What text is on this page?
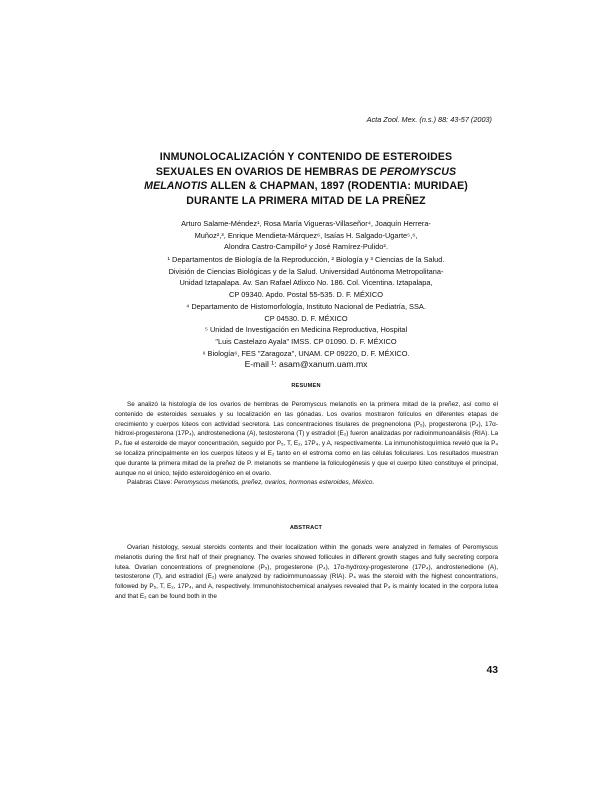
Acta Zool. Mex. (n.s.) 88: 43-57 (2003)
INMUNOLOCALIZACIÓN Y CONTENIDO DE ESTEROIDES
SEXUALES EN OVARIOS DE HEMBRAS DE PEROMYSCUS
MELANOTIS ALLEN & CHAPMAN, 1897 (RODENTIA: MURIDAE)
DURANTE LA PRIMERA MITAD DE LA PREÑEZ
Arturo Salame-Méndez¹, Rosa María Vigueras-Villaseñor⁴, Joaquín Herrera-
Muñoz²,³, Enrique Mendieta-Márquez⁶, Isaías H. Salgado-Ugarte⁵,⁶,
Alondra Castro-Campillo² y José Ramírez-Pulido².
¹ Departamentos de Biología de la Reproducción, ² Biología y ³ Ciencias de la Salud.
División de Ciencias Biológicas y de la Salud. Universidad Autónoma Metropolitana-
Unidad Iztapalapa. Av. San Rafael Atlixco No. 186. Col. Vicentina. Iztapalapa,
CP 09340. Apdo. Postal 55-535. D. F. MÉXICO
⁴ Departamento de Histomorfología, Instituto Nacional de Pediatría, SSA.
CP 04530. D. F. MÉXICO
⁵ Unidad de Investigación en Medicina Reproductiva, Hospital
"Luis Castelazo Ayala" IMSS. CP 01090. D. F. MÉXICO
⁶ Biología⁶, FES "Zaragoza", UNAM. CP 09220, D. F. MÉXICO.
E-mail ¹: asam@xanum.uam.mx
RESUMEN

Se analizó la histología de los ovarios de hembras de Peromyscus melanotis en la primera mitad de la preñez, así como el contenido de esteroides sexuales y su localización en las gónadas. Los ovarios mostraron folículos en diferentes etapas de crecimiento y cuerpos lúteos con actividad secretora. Las concentraciones tisulares de pregnenolona (P₅), progesterona (P₄), 17α-hidroxi-progesterona (17P₄), androstenediona (A), testosterona (T) y estradiol (E₂) fueron analizadas por radioinmunoanálisis (RIA). La P₄ fue el esteroide de mayor concentración, seguido por P₅, T, E₂, 17P₄, y A, respectivamente. La inmunohistoquímica reveló que la P₄ se localiza principalmente en los cuerpos lúteos y el E₂ tanto en el estroma como en las células foliculares. Los resultados muestran que durante la primera mitad de la preñez de P. melanotis se mantiene la foliculogénesis y que el cuerpo lúteo constituye el principal, aunque no el único, tejido esteroidogénico en el ovario.

Palabras Clave: Peromyscus melanotis, preñez, ovarios, hormonas esteroides, México.

ABSTRACT

Ovarian histology, sexual steroids contents and their localization within the gonads were analyzed in females of Peromyscus melanotis during the first half of their pregnancy. The ovaries showed follicules in different growth stages and fully secreting corpora lutea. Ovarian concentrations of pregnenolone (P₅), progesterone (P₄), 17α-hydroxy-progesterone (17P₄), androstenedione (A), testosterone (T), and estradiol (E₂) were analyzed by radioimmunoassay (RIA). P₄ was the steroid with the highest concentrations, followed by P₅, T, E₂, 17P₄, and A, respectively. Immunohistochemical analyses revealed that P₄ is mainly located in the corpora lutea and that E₂ can be found both in the

43
